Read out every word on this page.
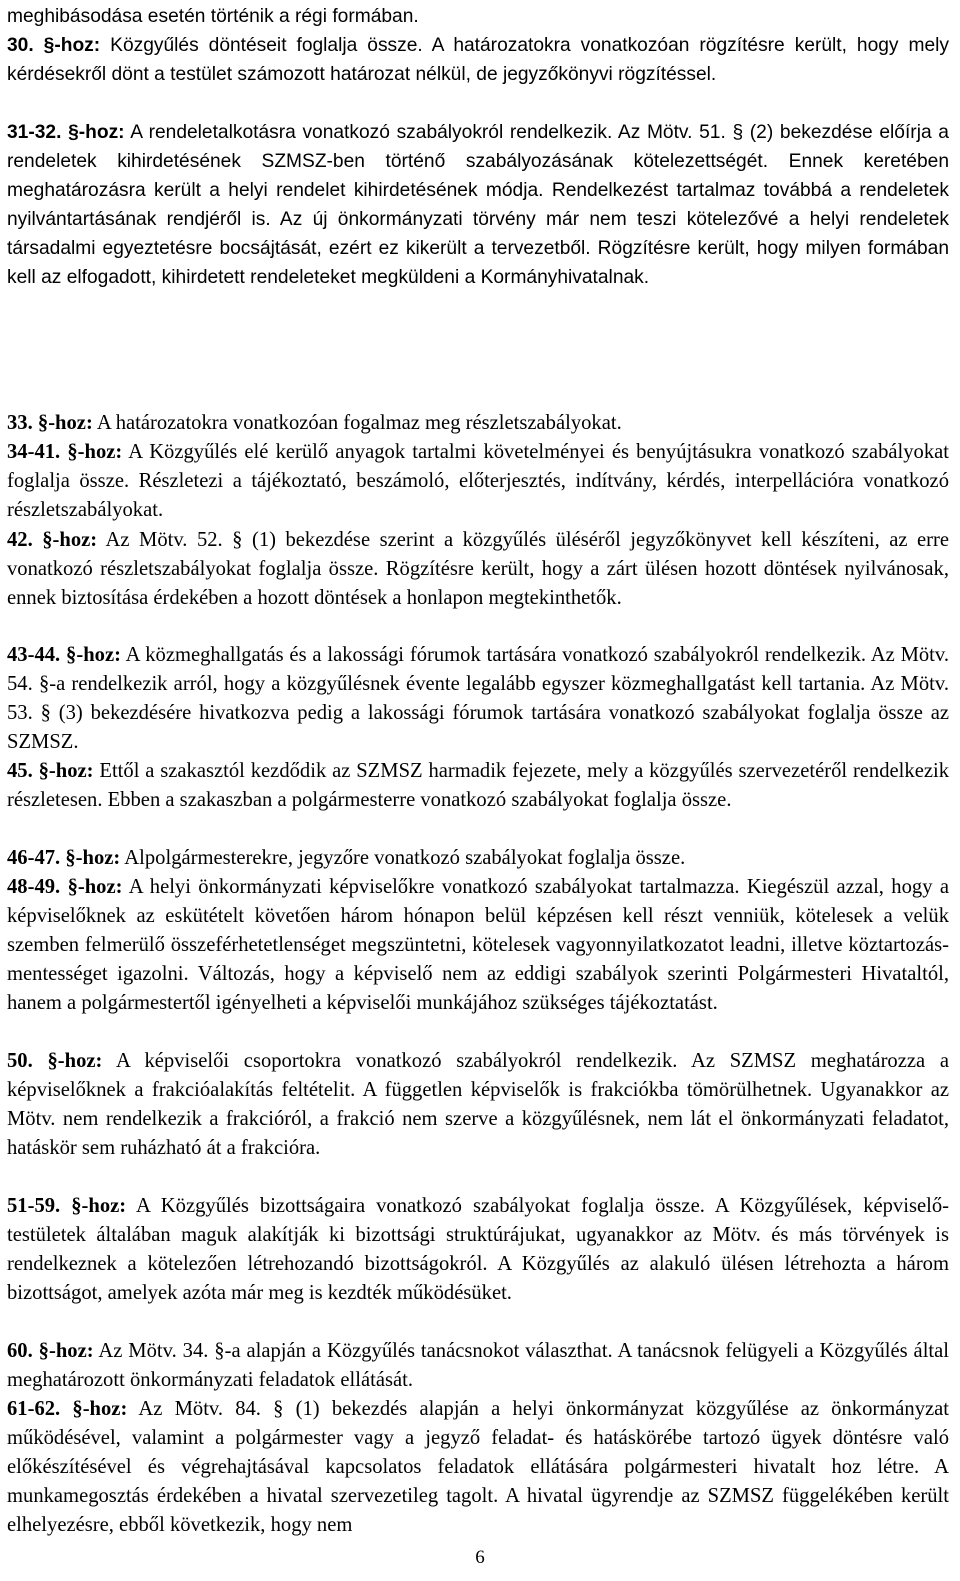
meghibásodása esetén történik a régi formában.

30. §-hoz: Közgyűlés döntéseit foglalja össze. A határozatokra vonatkozóan rögzítésre került, hogy mely kérdésekről dönt a testület számozott határozat nélkül, de jegyzőkönyvi rögzítéssel.

31-32. §-hoz: A rendeletalkotásra vonatkozó szabályokról rendelkezik. Az Mötv. 51. § (2) bekezdése előírja a rendeletek kihirdetésének SZMSZ-ben történő szabályozásának kötelezettségét. Ennek keretében meghatározásra került a helyi rendelet kihirdetésének módja. Rendelkezést tartalmaz továbbá a rendeletek nyilvántartásának rendjéről is. Az új önkormányzati törvény már nem teszi kötelezővé a helyi rendeletek társadalmi egyeztetésre bocsájtását, ezért ez kikerült a tervezetből. Rögzítésre került, hogy milyen formában kell az elfogadott, kihirdetett rendeleteket megküldeni a Kormányhivatalnak.

33. §-hoz: A határozatokra vonatkozóan fogalmaz meg részletszabályokat.

34-41. §-hoz: A Közgyűlés elé kerülő anyagok tartalmi követelményei és benyújtásukra vonatkozó szabályokat foglalja össze. Részletezi a tájékoztató, beszámoló, előterjesztés, indítvány, kérdés, interpellációra vonatkozó részletszabályokat.

42. §-hoz: Az Mötv. 52. § (1) bekezdése szerint a közgyűlés üléséről jegyzőkönyvet kell készíteni, az erre vonatkozó részletszabályokat foglalja össze. Rögzítésre került, hogy a zárt ülésen hozott döntések nyilvánosak, ennek biztosítása érdekében a hozott döntések a honlapon megtekinthetők.

43-44. §-hoz: A közmeghallgatás és a lakossági fórumok tartására vonatkozó szabályokról rendelkezik. Az Mötv. 54. §-a rendelkezik arról, hogy a közgyűlésnek évente legalább egyszer közmeghallgatást kell tartania. Az Mötv. 53. § (3) bekezdésére hivatkozva pedig a lakossági fórumok tartására vonatkozó szabályokat foglalja össze az SZMSZ.

45. §-hoz: Ettől a szakasztól kezdődik az SZMSZ harmadik fejezete, mely a közgyűlés szervezetéről rendelkezik részletesen. Ebben a szakaszban a polgármesterre vonatkozó szabályokat foglalja össze.

46-47. §-hoz: Alpolgármesterekre, jegyzőre vonatkozó szabályokat foglalja össze.

48-49. §-hoz: A helyi önkormányzati képviselőkre vonatkozó szabályokat tartalmazza. Kiegészül azzal, hogy a képviselőknek az eskütételt követően három hónapon belül képzésen kell részt venniük, kötelesek a velük szemben felmerülő összeférhetetlenséget megszüntetni, kötelesek vagyonnyilatkozatot leadni, illetve köztartozás-mentességet igazolni. Változás, hogy a képviselő nem az eddigi szabályok szerinti Polgármesteri Hivataltól, hanem a polgármestertől igényelheti a képviselői munkájához szükséges tájékoztatást.

50. §-hoz: A képviselői csoportokra vonatkozó szabályokról rendelkezik. Az SZMSZ meghatározza a képviselőknek a frakcióalakítás feltételit. A független képviselők is frakciókba tömörülhetnek. Ugyanakkor az Mötv. nem rendelkezik a frakcióról, a frakció nem szerve a közgyűlésnek, nem lát el önkormányzati feladatot, hatáskör sem ruházható át a frakcióra.

51-59. §-hoz: A Közgyűlés bizottságaira vonatkozó szabályokat foglalja össze. A Közgyűlések, képviselő-testületek általában maguk alakítják ki bizottsági struktúrájukat, ugyanakkor az Mötv. és más törvények is rendelkeznek a kötelezően létrehozandó bizottságokról. A Közgyűlés az alakuló ülésen létrehozta a három bizottságot, amelyek azóta már meg is kezdték működésüket.

60. §-hoz: Az Mötv. 34. §-a alapján a Közgyűlés tanácsnokot választhat. A tanácsnok felügyeli a Közgyűlés által meghatározott önkormányzati feladatok ellátását.

61-62. §-hoz: Az Mötv. 84. § (1) bekezdés alapján a helyi önkormányzat közgyűlése az önkormányzat működésével, valamint a polgármester vagy a jegyző feladat- és hatáskörébe tartozó ügyek döntésre való előkészítésével és végrehajtásával kapcsolatos feladatok ellátására polgármesteri hivatalt hoz létre. A munkamegosztás érdekében a hivatal szervezetileg tagolt. A hivatal ügyrendje az SZMSZ függelékében került elhelyezésre, ebből következik, hogy nem

6
